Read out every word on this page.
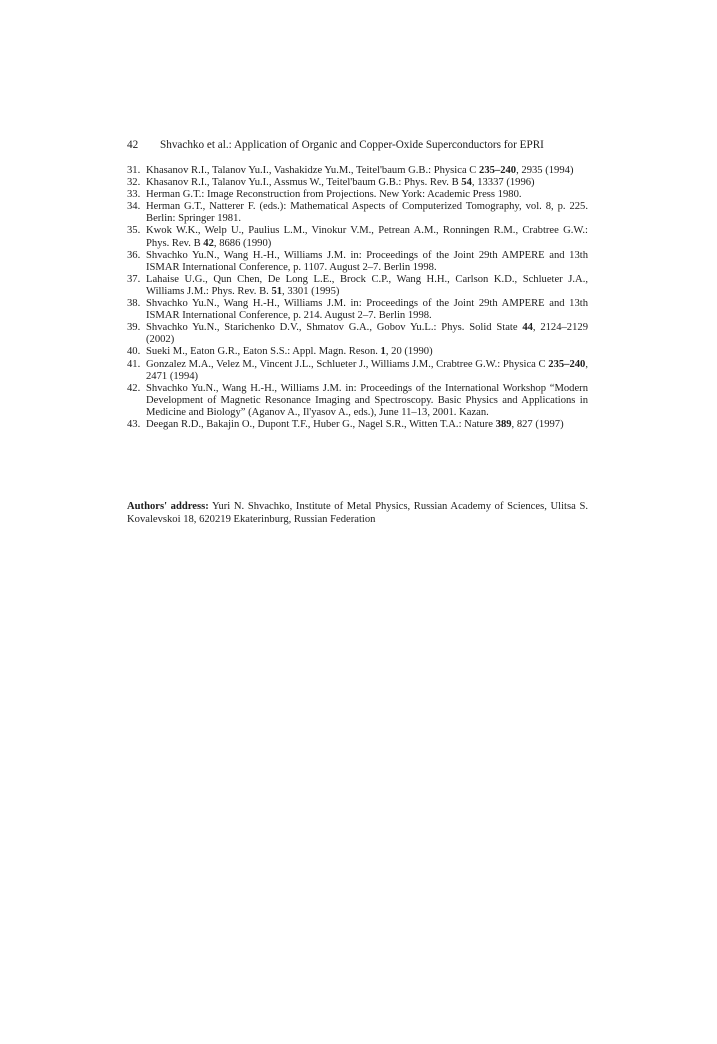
42 Shvachko et al.: Application of Organic and Copper-Oxide Superconductors for EPRI
31. Khasanov R.I., Talanov Yu.I., Vashakidze Yu.M., Teitel'baum G.B.: Physica C 235–240, 2935 (1994)
32. Khasanov R.I., Talanov Yu.I., Assmus W., Teitel'baum G.B.: Phys. Rev. B 54, 13337 (1996)
33. Herman G.T.: Image Reconstruction from Projections. New York: Academic Press 1980.
34. Herman G.T., Natterer F. (eds.): Mathematical Aspects of Computerized Tomography, vol. 8, p. 225. Berlin: Springer 1981.
35. Kwok W.K., Welp U., Paulius L.M., Vinokur V.M., Petrean A.M., Ronningen R.M., Crabtree G.W.: Phys. Rev. B 42, 8686 (1990)
36. Shvachko Yu.N., Wang H.-H., Williams J.M. in: Proceedings of the Joint 29th AMPERE and 13th ISMAR International Conference, p. 1107. August 2–7. Berlin 1998.
37. Lahaise U.G., Qun Chen, De Long L.E., Brock C.P., Wang H.H., Carlson K.D., Schlueter J.A., Williams J.M.: Phys. Rev. B. 51, 3301 (1995)
38. Shvachko Yu.N., Wang H.-H., Williams J.M. in: Proceedings of the Joint 29th AMPERE and 13th ISMAR International Conference, p. 214. August 2–7. Berlin 1998.
39. Shvachko Yu.N., Starichenko D.V., Shmatov G.A., Gobov Yu.L.: Phys. Solid State 44, 2124–2129 (2002)
40. Sueki M., Eaton G.R., Eaton S.S.: Appl. Magn. Reson. 1, 20 (1990)
41. Gonzalez M.A., Velez M., Vincent J.L., Schlueter J., Williams J.M., Crabtree G.W.: Physica C 235–240, 2471 (1994)
42. Shvachko Yu.N., Wang H.-H., Williams J.M. in: Proceedings of the International Workshop “Modern Development of Magnetic Resonance Imaging and Spectroscopy. Basic Physics and Applications in Medicine and Biology” (Aganov A., Il'yasov A., eds.), June 11–13, 2001. Kazan.
43. Deegan R.D., Bakajin O., Dupont T.F., Huber G., Nagel S.R., Witten T.A.: Nature 389, 827 (1997)
Authors' address: Yuri N. Shvachko, Institute of Metal Physics, Russian Academy of Sciences, Ulitsa S. Kovalevskoi 18, 620219 Ekaterinburg, Russian Federation
